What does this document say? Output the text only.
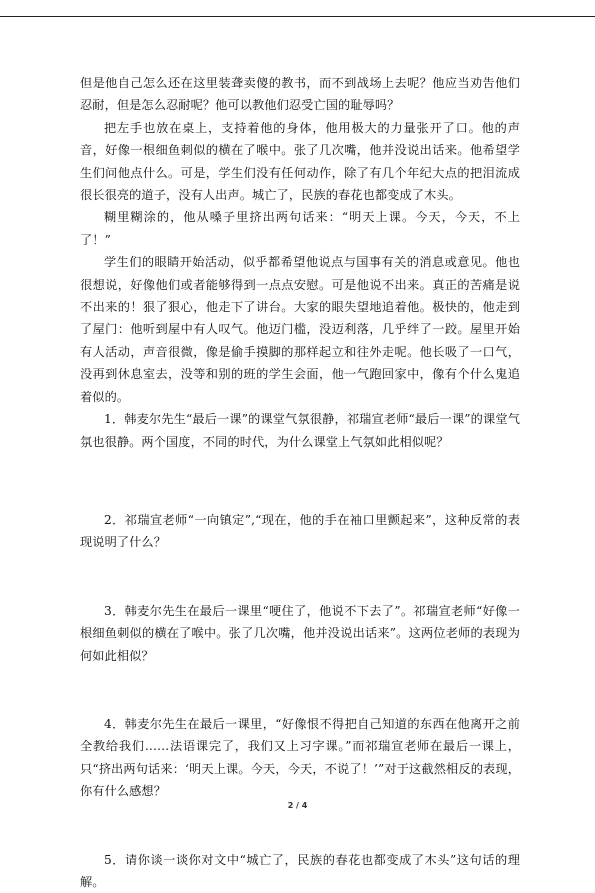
但是他自己怎么还在这里装聋卖傻的教书，而不到战场上去呢？他应当劝告他们忍耐，但是怎么忍耐呢？他可以教他们忍受亡国的耻辱吗？

把左手也放在桌上，支持着他的身体，他用极大的力量张开了口。他的声音，好像一根细鱼刺似的横在了喉中。张了几次嘴，他并没说出话来。他希望学生们问他点什么。可是，学生们没有任何动作，除了有几个年纪大点的把泪流成很长很亮的道子，没有人出声。城亡了，民族的春花也都变成了木头。

糊里糊涂的，他从嗓子里挤出两句话来：“明天上课。今天，今天，不上了！”

学生们的眼睛开始活动，似乎都希望他说点与国事有关的消息或意见。他也很想说，好像他们或者能够得到一点点安慰。可是他说不出来。真正的苦痛是说不出来的！狠了狠心，他走下了讲台。大家的眼失望地追着他。极快的，他走到了屋门：他听到屋中有人叹气。他迈门槛，没迈利落，几乎绊了一跤。屋里开始有人活动，声音很微，像是偷手摸脚的那样起立和往外走呢。他长吸了一口气，没再到休息室去，没等和别的班的学生会面，他一气跑回家中，像有个什么鬼追着似的。

1．韩麦尔先生“最后一课”的课堂气氛很静，祁瑞宣老师“最后一课”的课堂气氛也很静。两个国度，不同的时代，为什么课堂上气氛如此相似呢？

2．祁瑞宣老师“一向镇定”,“现在，他的手在袖口里颤起来”，这种反常的表现说明了什么？

3．韩麦尔先生在最后一课里“哽住了，他说不下去了”。祁瑞宣老师“好像一根细鱼刺似的横在了喉中。张了几次嘴，他并没说出话来”。这两位老师的表现为何如此相似？

4．韩麦尔先生在最后一课里，“好像恨不得把自己知道的东西在他离开之前全教给我们……法语课完了，我们又上习字课。”而祁瑞宣老师在最后一课上，只“挤出两句话来：‘明天上课。今天，今天，不说了！’”对于这截然相反的表现，你有什么感想？

5．请你谈一谈你对文中“城亡了，民族的春花也都变成了木头”这句话的理解。

2 / 4
